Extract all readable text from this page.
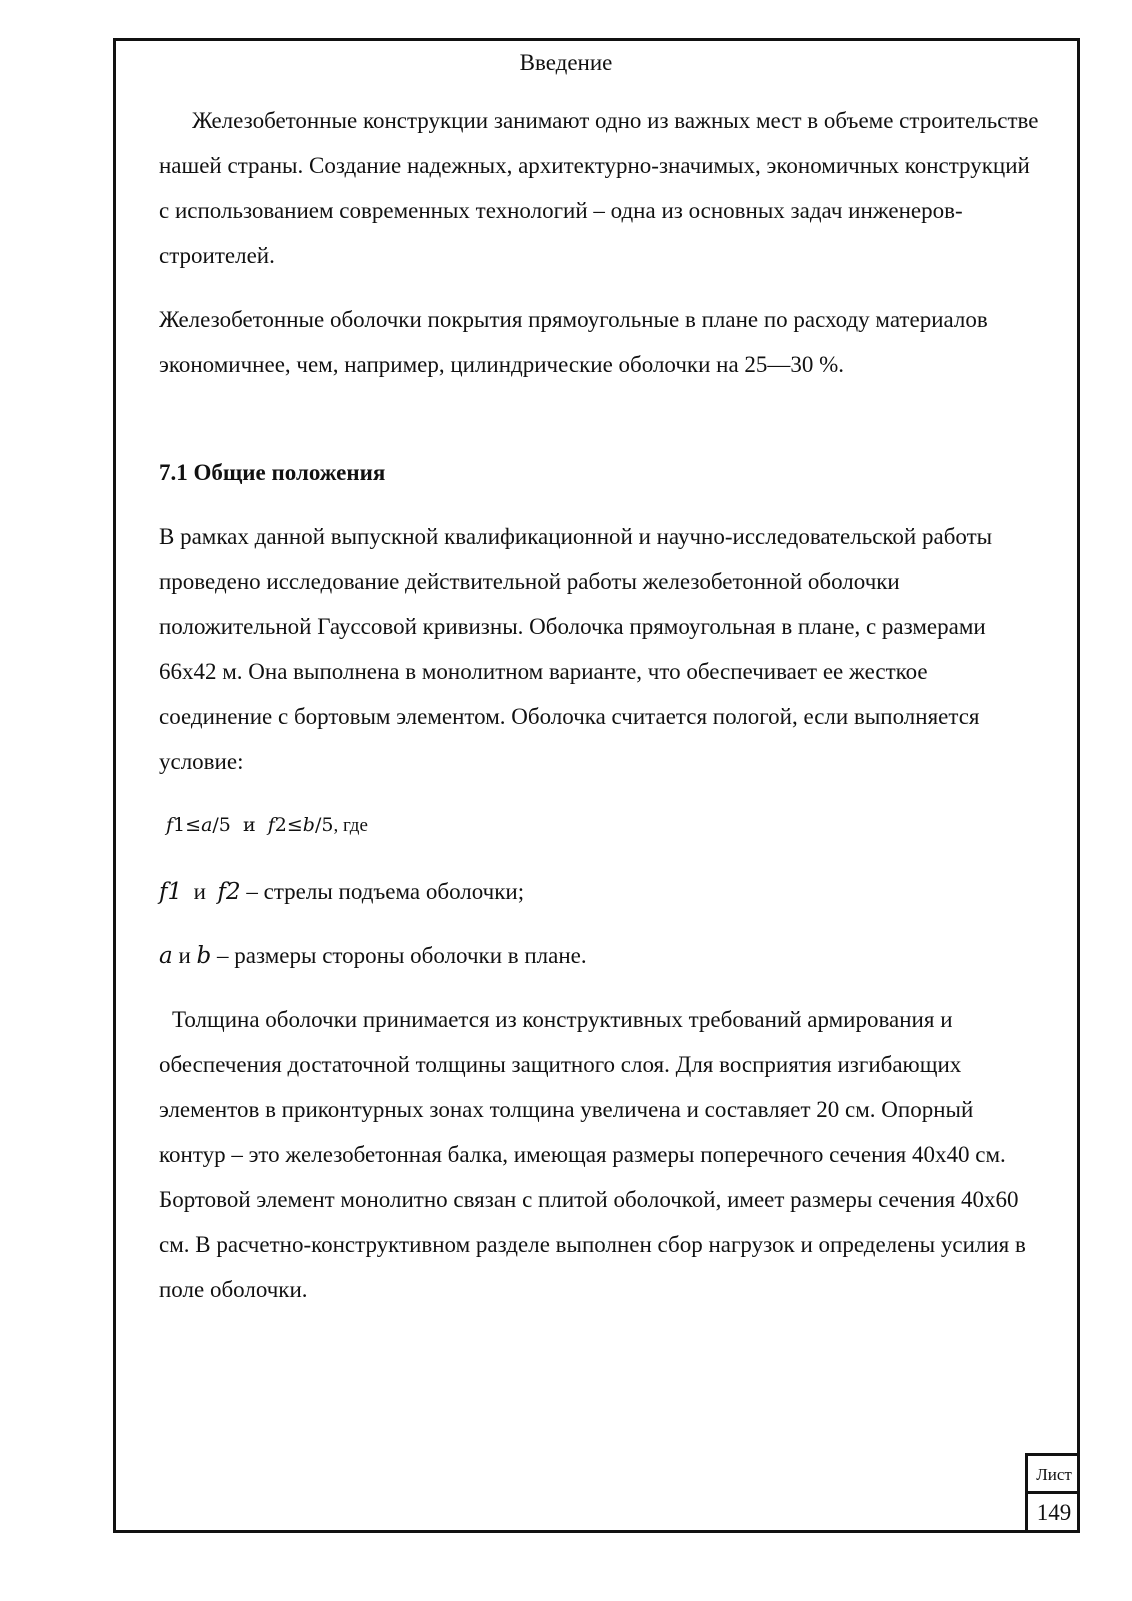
Введение

Железобетонные конструкции занимают одно из важных мест в объеме строительстве нашей страны. Создание надежных, архитектурно-значимых, экономичных конструкций с использованием современных технологий – одна из основных задач инженеров-строителей.

Железобетонные оболочки покрытия прямоугольные в плане по расходу материалов экономичнее, чем, например, цилиндрические оболочки на 25—30 %.

7.1 Общие положения

В рамках данной выпускной квалификационной и научно-исследовательской работы проведено исследование действительной работы железобетонной оболочки положительной Гауссовой кривизны. Оболочка прямоугольная в плане, с размерами 66х42 м. Она выполнена в монолитном варианте, что обеспечивает ее жесткое соединение с бортовым элементом. Оболочка считается пологой, если выполняется условие:

f1≤a/5  и  f2≤b/5, где
f1  и  f2 – стрелы подъема оболочки;
a и b – размеры стороны оболочки в плане.

Толщина оболочки принимается из конструктивных требований армирования и обеспечения достаточной толщины защитного слоя. Для восприятия изгибающих элементов в приконтурных зонах толщина увеличена и составляет 20 см. Опорный контур – это железобетонная балка, имеющая размеры поперечного сечения 40х40 см. Бортовой элемент монолитно связан с плитой оболочкой, имеет размеры сечения 40х60 см. В расчетно-конструктивном разделе выполнен сбор нагрузок и определены усилия в поле оболочки.

Лист
149
